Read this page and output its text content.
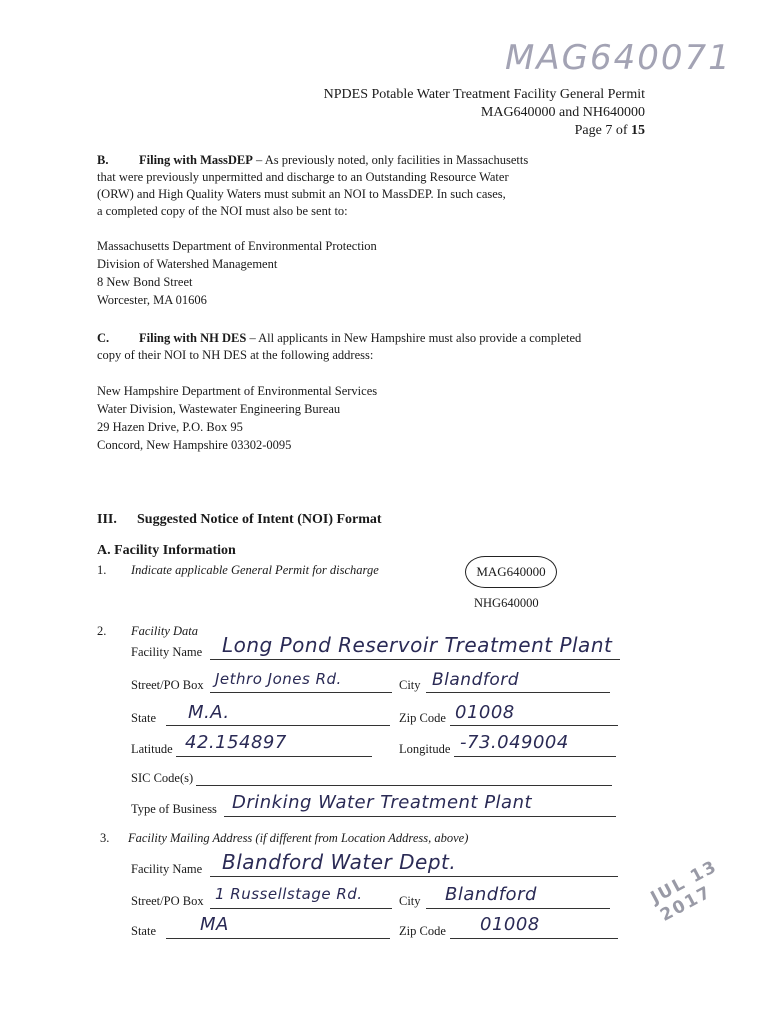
MAG640071
NPDES Potable Water Treatment Facility General Permit
MAG640000 and NH640000
Page 7 of 15
B. Filing with MassDEP – As previously noted, only facilities in Massachusetts
that were previously unpermitted and discharge to an Outstanding Resource Water
(ORW) and High Quality Waters must submit an NOI to MassDEP. In such cases,
a completed copy of the NOI must also be sent to:
Massachusetts Department of Environmental Protection
Division of Watershed Management
8 New Bond Street
Worcester, MA 01606
C. Filing with NH DES – All applicants in New Hampshire must also provide a completed
copy of their NOI to NH DES at the following address:
New Hampshire Department of Environmental Services
Water Division, Wastewater Engineering Bureau
29 Hazen Drive, P.O. Box 95
Concord, New Hampshire 03302-0095
III. Suggested Notice of Intent (NOI) Format
A. Facility Information
1. Indicate applicable General Permit for discharge	MAG640000
NHG640000
2. Facility Data
Facility Name Long Pond Reservoir Treatment Plant
Street/PO Box Jethro Jones Rd.	City Blandford
State M.A.	Zip Code 01008
Latitude 42.154897	Longitude -73.049004
SIC Code(s)
Type of Business Drinking Water Treatment Plant
3. Facility Mailing Address (if different from Location Address, above)
Facility Name Blandford Water Dept.
Street/PO Box 1 Russellstage Rd.	City Blandford
State MA	Zip Code 01008
JUL 13 2017
